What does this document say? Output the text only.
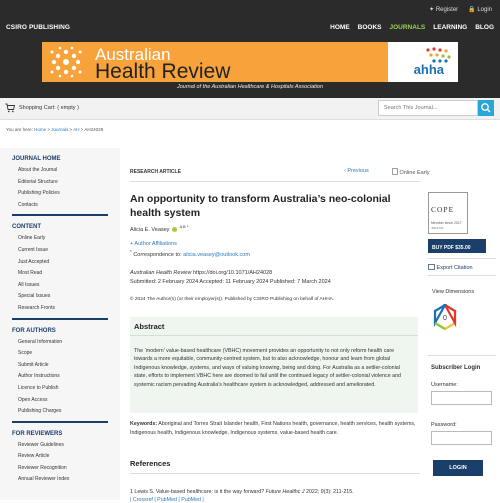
✦ Register 🔒 Login
CSIRO PUBLISHING	HOME BOOKS JOURNALS LEARNING BLOG
Australian
Health Review	ahha
Journal of the Australian Healthcare & Hospitals Association
Shopping Cart: ( empty )
Search This Journal...
You are here: Home > Journals > AH > AH24028
JOURNAL HOME
About the Journal
Editorial Structure
Publishing Policies
Contacts
CONTENT
Online Early
Current Issue
Just Accepted
Most Read
All Issues
Special Issues
Research Fronts
FOR AUTHORS
General Information
Scope
Submit Article
Author Instructions
Licence to Publish
Open Access
Publishing Charges
FOR REVIEWERS
Reviewer Guidelines
Review Article
Reviewer Recognition
Annual Reviewer Index
RESEARCH ARTICLE	‹ Previous	Online Early
An opportunity to transform Australia’s neo-colonial health system
Alicia E. Veasey  $^{A B *}$
+ Author Affiliations
* Correspondence to: alicia.veasey@outlook.com
Australian Health Review https://doi.org/10.1071/AH24028
Submitted: 2 February 2024 Accepted: 11 February 2024 Published: 7 March 2024
© 2024 The Author(s) (or their employer(s)). Published by CSIRO Publishing on behalf of AHHA.
Abstract
The ‘modern’ value-based healthcare (VBHC) movement provides an opportunity to not only reform health care towards a more equitable, community-centred system, but to also acknowledge, honour and learn from global Indigenous knowledge, systems, and ways of valuing knowing, being and doing. For Australia as a settler-colonial state, efforts to implement VBHC here are doomed to fail until the continued legacy of settler-colonial violence and systemic racism pervading Australia’s healthcare system is acknowledged, addressed and ameliorated.
Keywords: Aboriginal and Torres Strait Islander health, First Nations health, governance, health services, health systems, Indigenous health, Indigenous knowledge, Indigenous systems, value-based health care.
References
1 Lewis S. Value-based healthcare: is it the way forward? Future Healthc J 2022; 9(3): 211-215.
| Crossref | PubMed | PubMed |
COPE
Member since 2017
JM12733
BUY PDF $35.00
Export Citation
View Dimensions
0
Subscriber Login
Username:
Password:
LOGIN
